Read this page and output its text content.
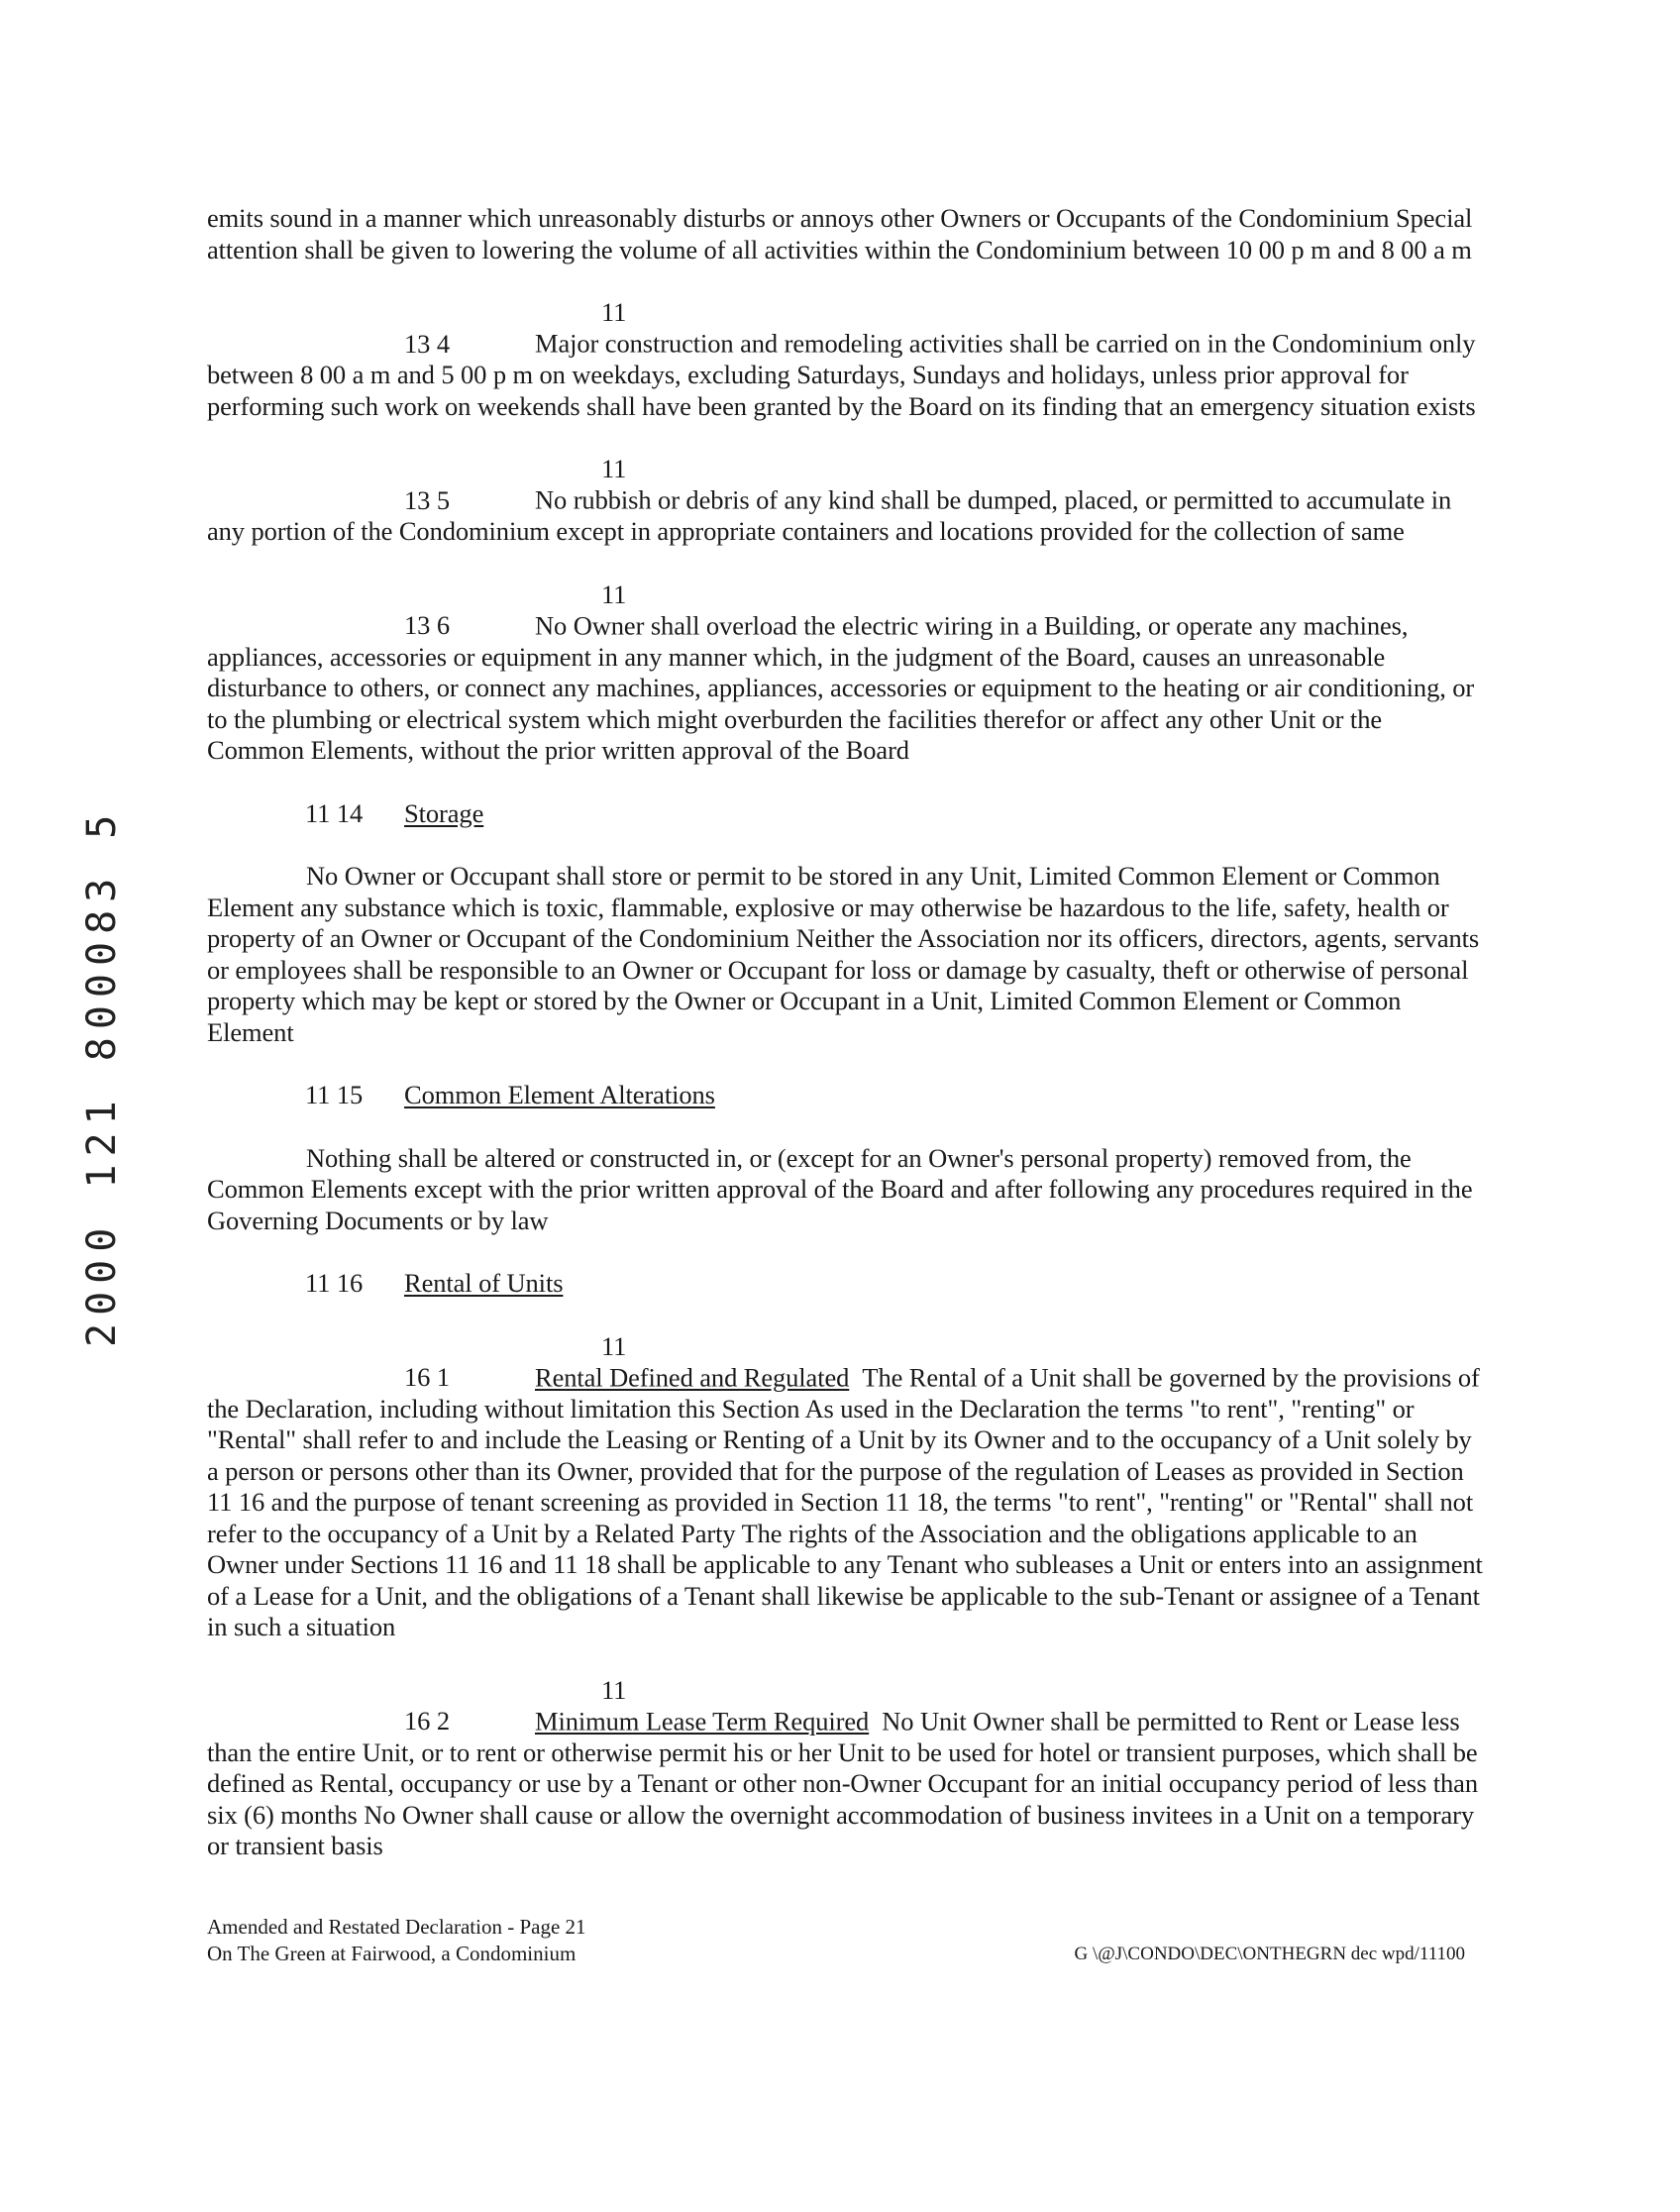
emits sound in a manner which unreasonably disturbs or annoys other Owners or Occupants of the Condominium Special attention shall be given to lowering the volume of all activities within the Condominium between 10 00 p m and 8 00 a m

11 13 4	Major construction and remodeling activities shall be carried on in the Condominium only between 8 00 a m and 5 00 p m on weekdays, excluding Saturdays, Sundays and holidays, unless prior approval for performing such work on weekends shall have been granted by the Board on its finding that an emergency situation exists

11 13 5	No rubbish or debris of any kind shall be dumped, placed, or permitted to accumulate in any portion of the Condominium except in appropriate containers and locations provided for the collection of same

11 13 6	No Owner shall overload the electric wiring in a Building, or operate any machines, appliances, accessories or equipment in any manner which, in the judgment of the Board, causes an unreasonable disturbance to others, or connect any machines, appliances, accessories or equipment to the heating or air conditioning, or to the plumbing or electrical system which might overburden the facilities therefor or affect any other Unit or the Common Elements, without the prior written approval of the Board

11 14 Storage

No Owner or Occupant shall store or permit to be stored in any Unit, Limited Common Element or Common Element any substance which is toxic, flammable, explosive or may otherwise be hazardous to the life, safety, health or property of an Owner or Occupant of the Condominium Neither the Association nor its officers, directors, agents, servants or employees shall be responsible to an Owner or Occupant for loss or damage by casualty, theft or otherwise of personal property which may be kept or stored by the Owner or Occupant in a Unit, Limited Common Element or Common Element

11 15 Common Element Alterations

Nothing shall be altered or constructed in, or (except for an Owner's personal property) removed from, the Common Elements except with the prior written approval of the Board and after following any procedures required in the Governing Documents or by law

11 16 Rental of Units

11 16 1	Rental Defined and Regulated The Rental of a Unit shall be governed by the provisions of the Declaration, including without limitation this Section As used in the Declaration the terms "to rent", "renting" or "Rental" shall refer to and include the Leasing or Renting of a Unit by its Owner and to the occupancy of a Unit solely by a person or persons other than its Owner, provided that for the purpose of the regulation of Leases as provided in Section 11 16 and the purpose of tenant screening as provided in Section 11 18, the terms "to rent", "renting" or "Rental" shall not refer to the occupancy of a Unit by a Related Party The rights of the Association and the obligations applicable to an Owner under Sections 11 16 and 11 18 shall be applicable to any Tenant who subleases a Unit or enters into an assignment of a Lease for a Unit, and the obligations of a Tenant shall likewise be applicable to the sub-Tenant or assignee of a Tenant in such a situation

11 16 2	Minimum Lease Term Required No Unit Owner shall be permitted to Rent or Lease less than the entire Unit, or to rent or otherwise permit his or her Unit to be used for hotel or transient purposes, which shall be defined as Rental, occupancy or use by a Tenant or other non-Owner Occupant for an initial occupancy period of less than six (6) months No Owner shall cause or allow the overnight accommodation of business invitees in a Unit on a temporary or transient basis

Amended and Restated Declaration - Page 21
On The Green at Fairwood, a Condominium	G \@J\CONDO\DEC\ONTHEGRN dec wpd/11100
2000 121 800083 5
